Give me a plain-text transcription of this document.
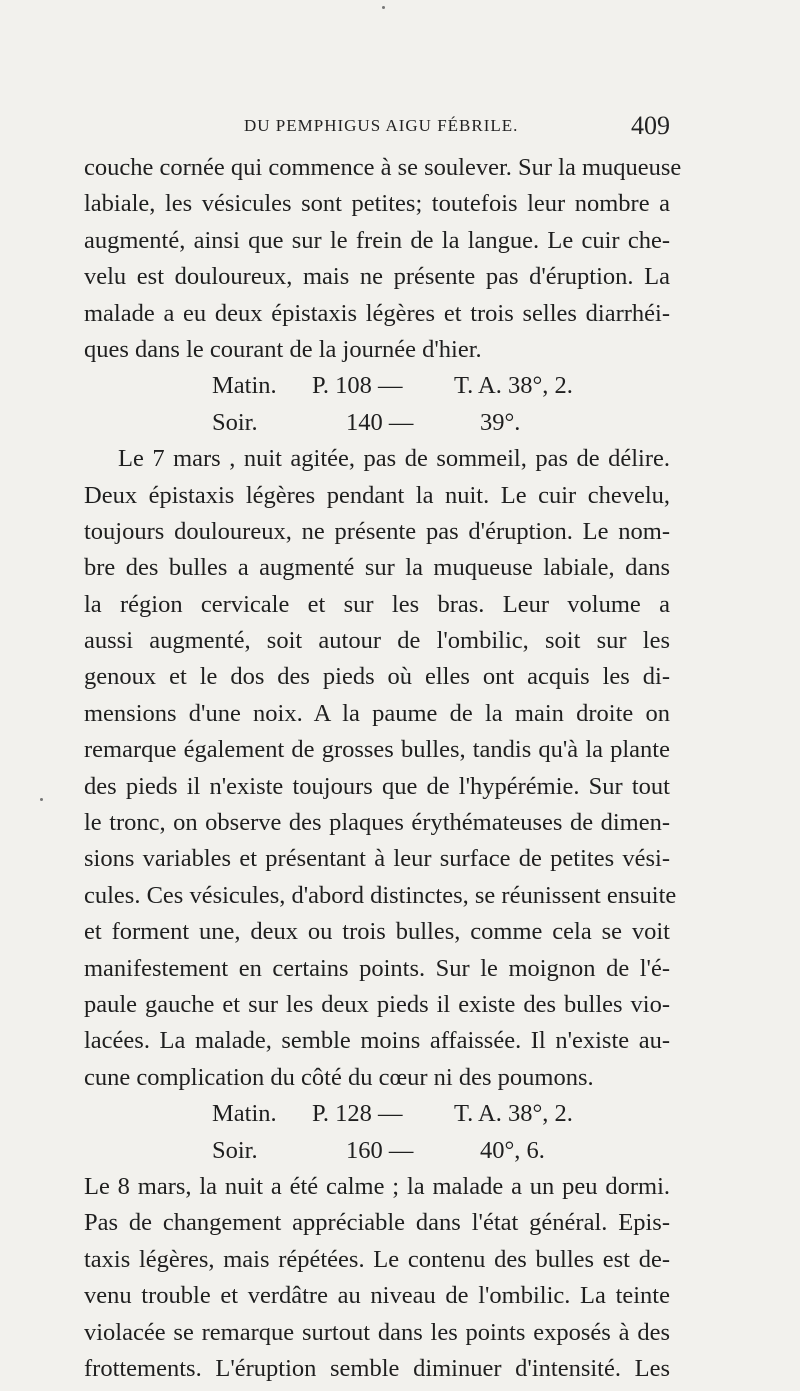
DU PEMPHIGUS AIGU FÉBRILE.	409
couche cornée qui commence à se soulever. Sur la muqueuse
labiale, les vésicules sont petites; toutefois leur nombre a
augmenté, ainsi que sur le frein de la langue. Le cuir che-
velu est douloureux, mais ne présente pas d'éruption. La
malade a eu deux épistaxis légères et trois selles diarrhéi-
ques dans le courant de la journée d'hier.
Matin. P. 108 — T. A. 38°, 2.
Soir.	140 —	39°.
Le 7 mars , nuit agitée, pas de sommeil, pas de délire.
Deux épistaxis légères pendant la nuit. Le cuir chevelu,
toujours douloureux, ne présente pas d'éruption. Le nom-
bre des bulles a augmenté sur la muqueuse labiale, dans
la région cervicale et sur les bras. Leur volume a
aussi augmenté, soit autour de l'ombilic, soit sur les
genoux et le dos des pieds où elles ont acquis les di-
mensions d'une noix. A la paume de la main droite on
remarque également de grosses bulles, tandis qu'à la plante
des pieds il n'existe toujours que de l'hypérémie. Sur tout
le tronc, on observe des plaques érythémateuses de dimen-
sions variables et présentant à leur surface de petites vési-
cules. Ces vésicules, d'abord distinctes, se réunissent ensuite
et forment une, deux ou trois bulles, comme cela se voit
manifestement en certains points. Sur le moignon de l'é-
paule gauche et sur les deux pieds il existe des bulles vio-
lacées. La malade, semble moins affaissée. Il n'existe au-
cune complication du côté du cœur ni des poumons.
Matin. P. 128 — T. A. 38°, 2.
Soir.	160 —	40°, 6.
Le 8 mars, la nuit a été calme ; la malade a un peu dormi.
Pas de changement appréciable dans l'état général. Epis-
taxis légères, mais répétées. Le contenu des bulles est de-
venu trouble et verdâtre au niveau de l'ombilic. La teinte
violacée se remarque surtout dans les points exposés à des
frottements. L'éruption semble diminuer d'intensité. Les
